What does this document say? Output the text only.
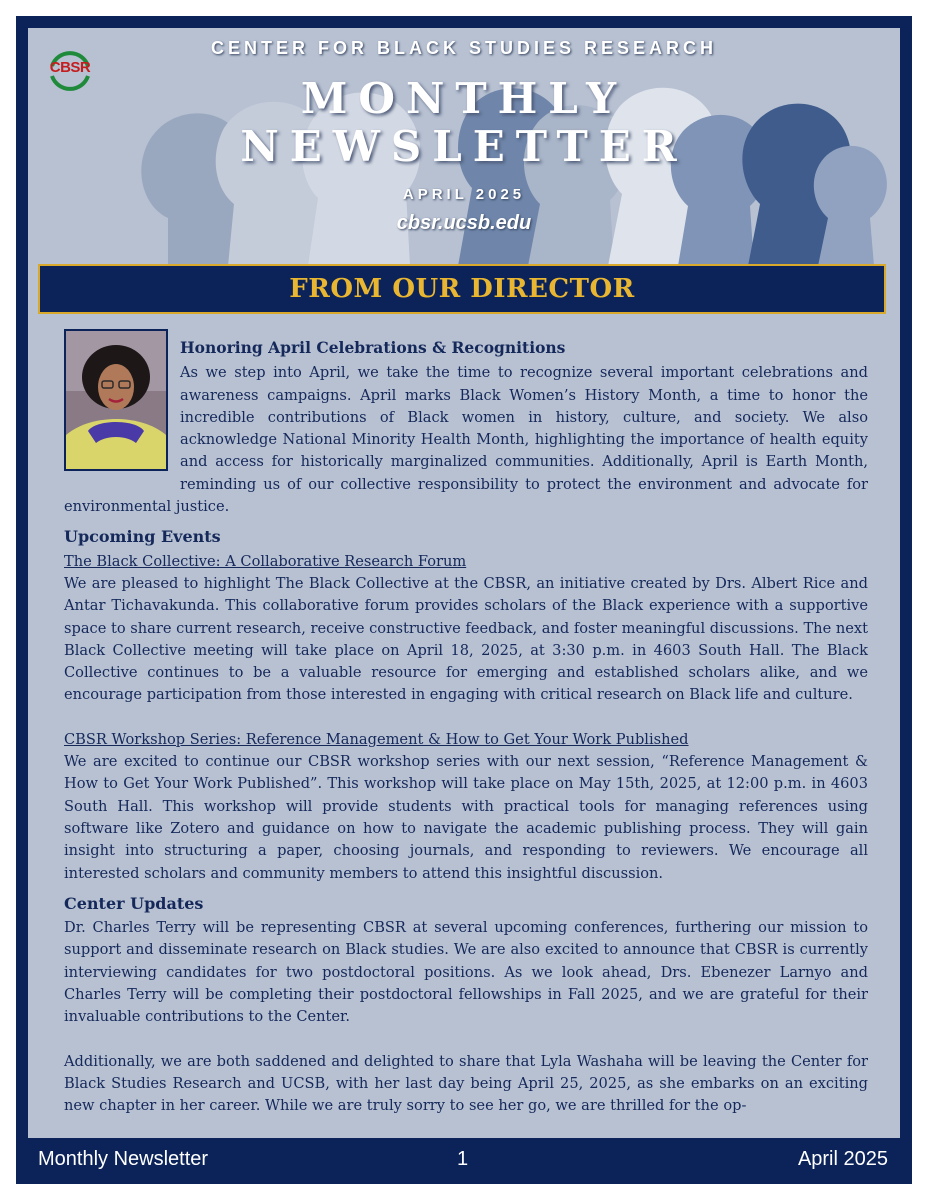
CBSR
CENTER FOR BLACK STUDIES RESEARCH
MONTHLY
NEWSLETTER
APRIL 2025
cbsr.ucsb.edu
FROM OUR DIRECTOR
Honoring April Celebrations & Recognitions

As we step into April, we take the time to recognize several important celebrations and awareness campaigns. April marks Black Women’s History Month, a time to honor the incredible contributions of Black women in history, culture, and society. We also acknowledge National Minority Health Month, highlighting the importance of health equity and access for historically marginalized communities. Additionally, April is Earth Month, reminding us of our collective responsibility to protect the environment and advocate for environmental justice.

Upcoming Events
The Black Collective: A Collaborative Research Forum

We are pleased to highlight The Black Collective at the CBSR, an initiative created by Drs. Albert Rice and Antar Tichavakunda. This collaborative forum provides scholars of the Black experience with a supportive space to share current research, receive constructive feedback, and foster meaningful discussions. The next Black Collective meeting will take place on April 18, 2025, at 3:30 p.m. in 4603 South Hall. The Black Collective continues to be a valuable resource for emerging and established scholars alike, and we encourage participation from those interested in engaging with critical research on Black life and culture.

CBSR Workshop Series: Reference Management & How to Get Your Work Published

We are excited to continue our CBSR workshop series with our next session, “Reference Management & How to Get Your Work Published”. This workshop will take place on May 15th, 2025, at 12:00 p.m. in 4603 South Hall. This workshop will provide students with practical tools for managing references using software like Zotero and guidance on how to navigate the academic publishing process. They will gain insight into structuring a paper, choosing journals, and responding to reviewers. We encourage all interested scholars and community members to attend this insightful discussion.

Center Updates

Dr. Charles Terry will be representing CBSR at several upcoming conferences, furthering our mission to support and disseminate research on Black studies. We are also excited to announce that CBSR is currently interviewing candidates for two postdoctoral positions. As we look ahead, Drs. Ebenezer Larnyo and Charles Terry will be completing their postdoctoral fellowships in Fall 2025, and we are grateful for their invaluable contributions to the Center.

Additionally, we are both saddened and delighted to share that Lyla Washaha will be leaving the Center for Black Studies Research and UCSB, with her last day being April 25, 2025, as she embarks on an exciting new chapter in her career. While we are truly sorry to see her go, we are thrilled for the op-

Monthly Newsletter	1	April 2025
